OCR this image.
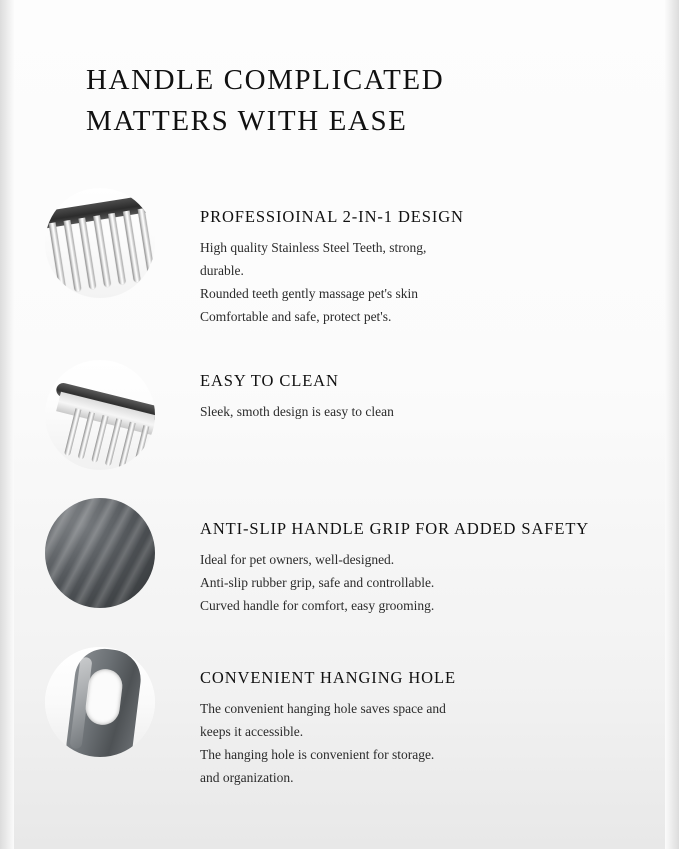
HANDLE COMPLICATED
MATTERS WITH EASE
PROFESSIOINAL 2-IN-1 DESIGN

High quality Stainless Steel Teeth, strong,

durable.

Rounded teeth gently massage pet's skin

Comfortable and safe, protect pet's.

EASY TO CLEAN

Sleek, smoth design is easy to clean

ANTI-SLIP HANDLE GRIP FOR ADDED SAFETY

Ideal for pet owners, well-designed.

Anti-slip rubber grip, safe and controllable.

Curved handle for comfort, easy grooming.

CONVENIENT HANGING HOLE

The convenient hanging hole saves space and

keeps it accessible.

The hanging hole is convenient for storage.

and organization.
